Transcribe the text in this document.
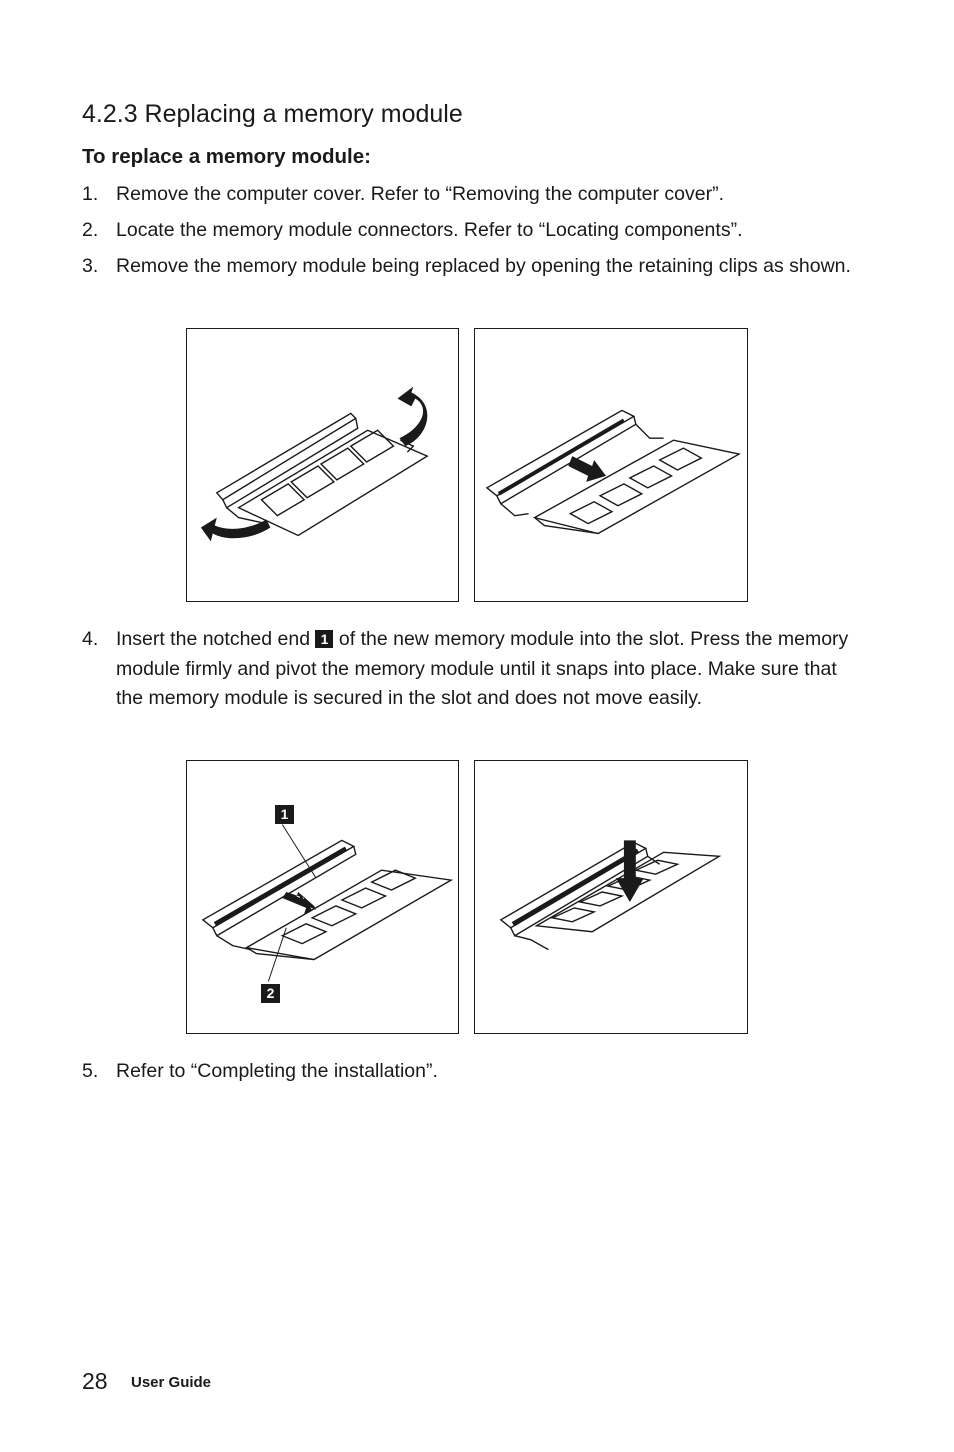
4.2.3 Replacing a memory module
To replace a memory module:
1. Remove the computer cover. Refer to “Removing the computer cover”.
2. Locate the memory module connectors. Refer to “Locating components”.
3. Remove the memory module being replaced by opening the retaining clips as shown.
4. Insert the notched end 1 of the new memory module into the slot. Press the memory module firmly and pivot the memory module until it snaps into place. Make sure that the memory module is secured in the slot and does not move easily.
1
2
5. Refer to “Completing the installation”.
28 User Guide
